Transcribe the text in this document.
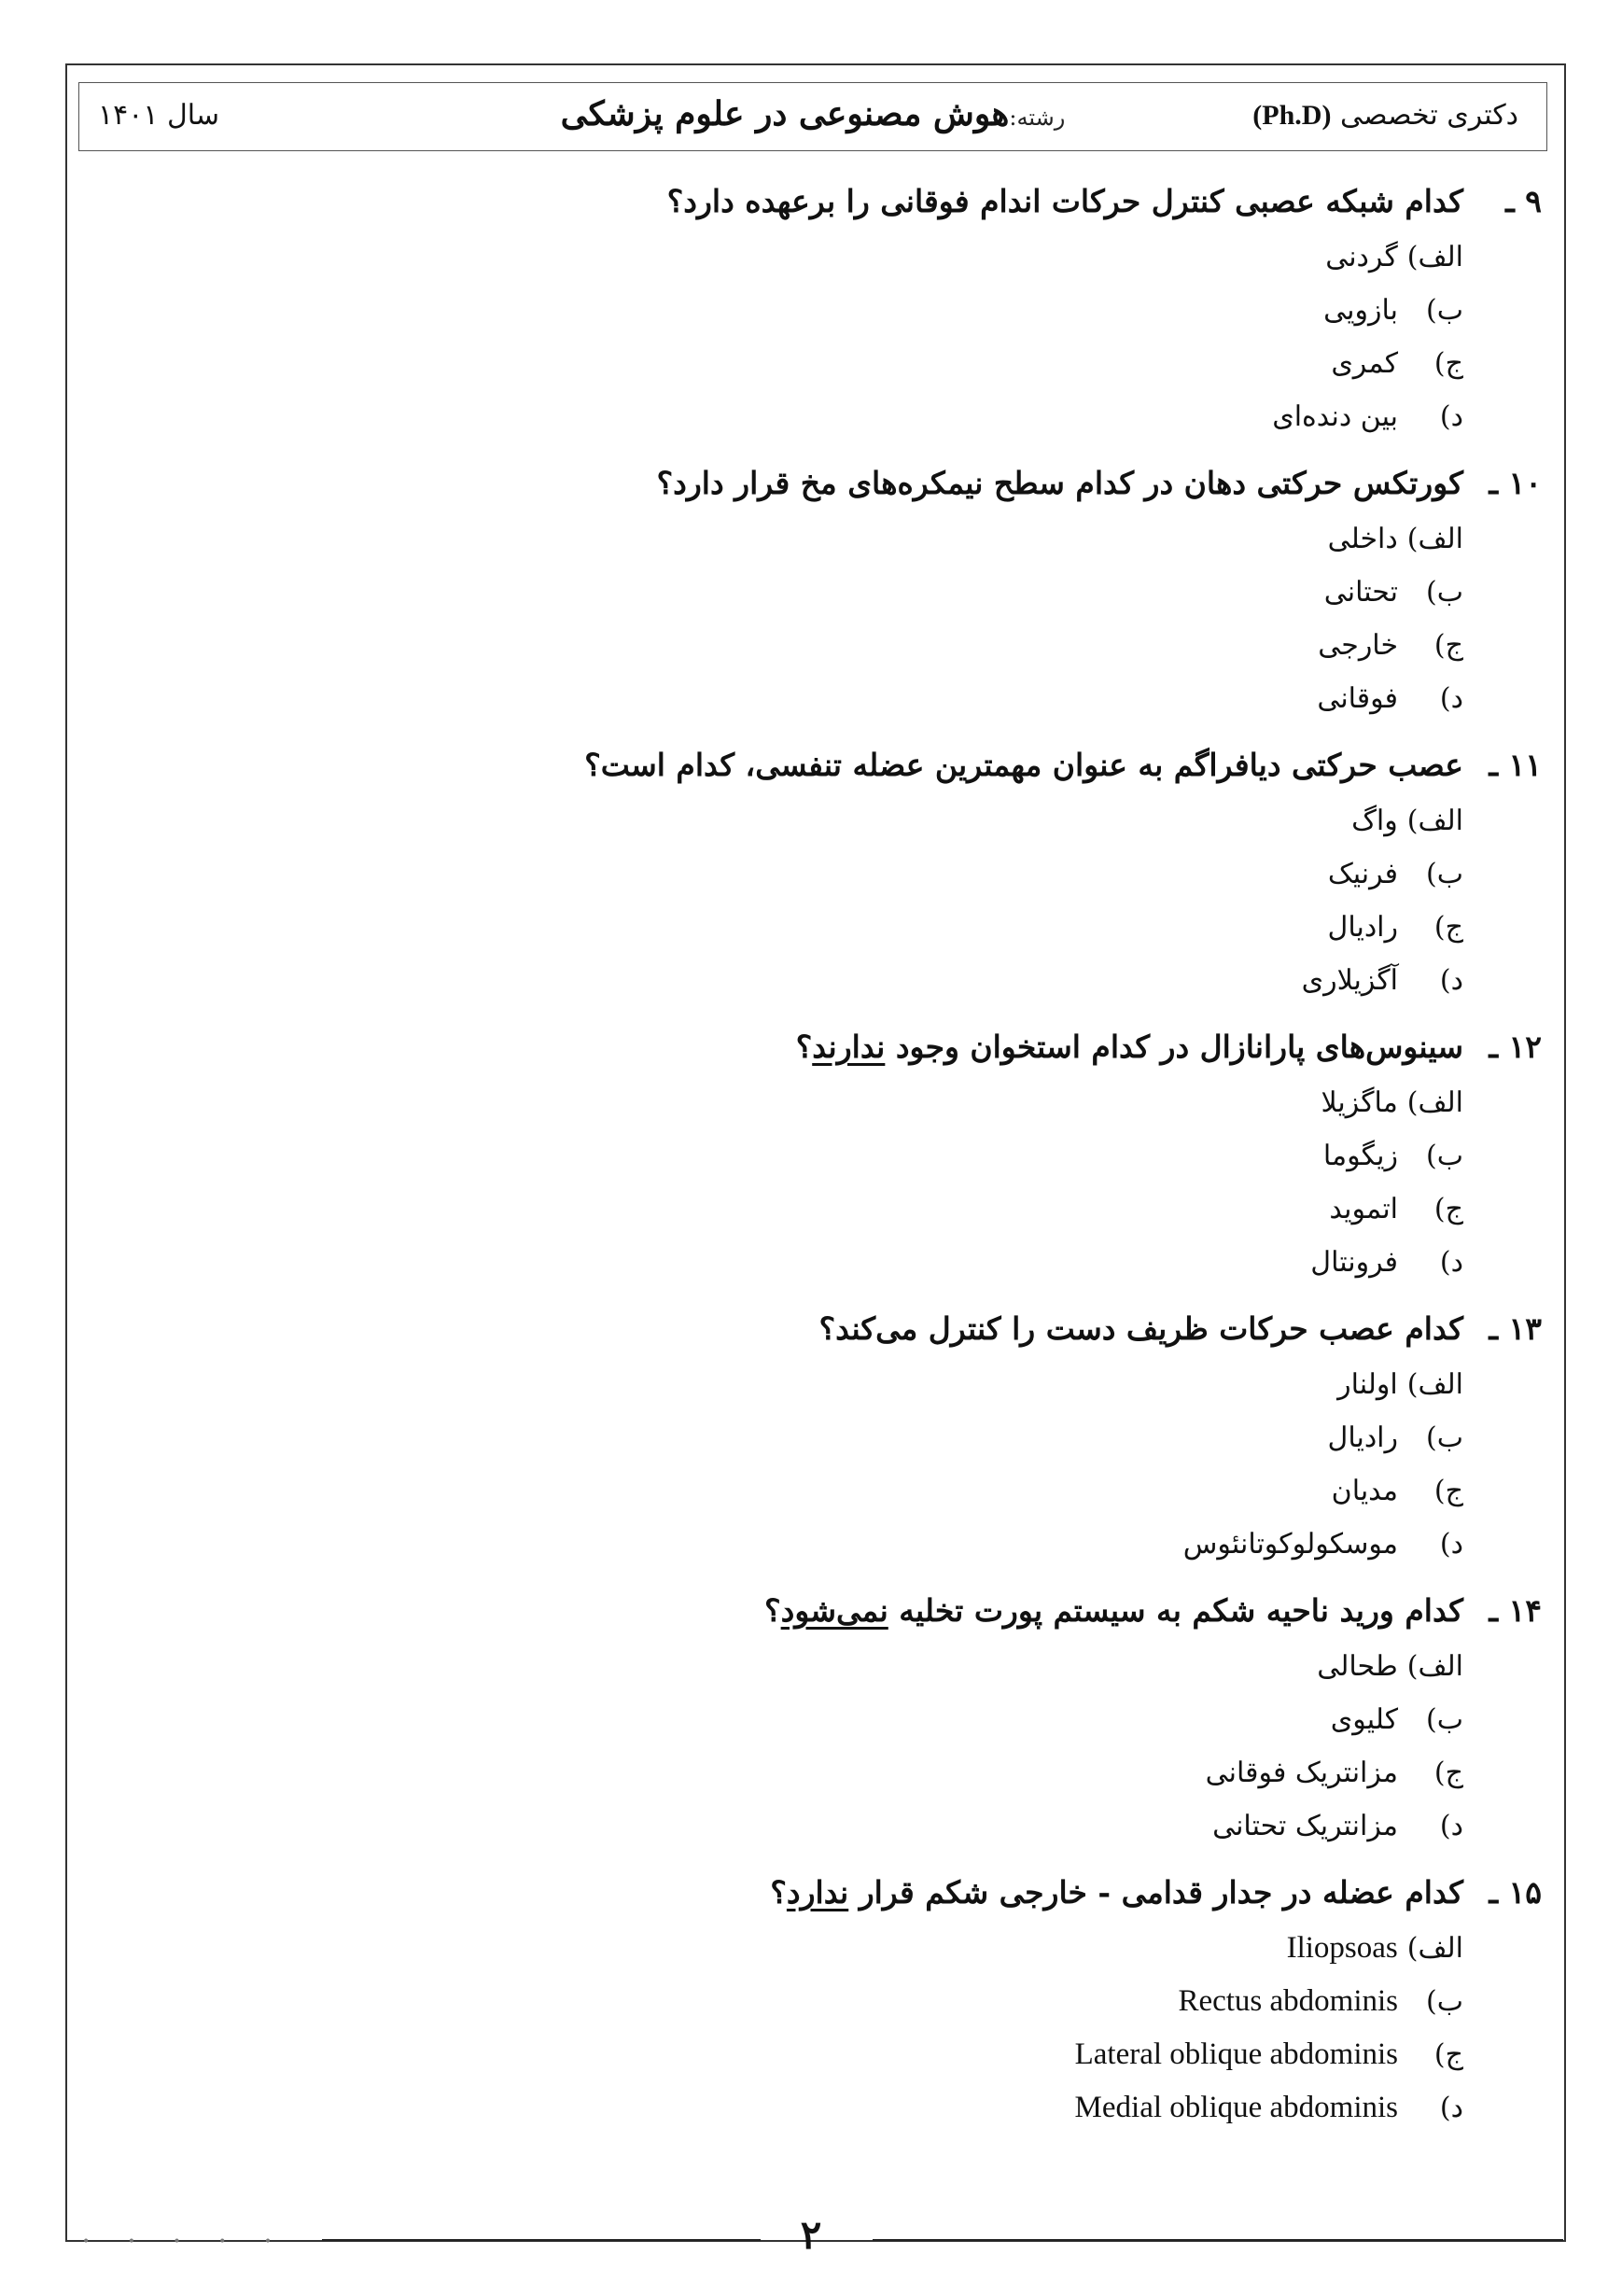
دکتری تخصصی (Ph.D)
رشته:هوش مصنوعی در علوم پزشکی
سال ۱۴۰۱
۹ ـ
کدام شبکه عصبی کنترل حرکات اندام فوقانی را برعهده دارد؟
الف)
گردنی
ب)
بازویی
ج)
کمری
د)
بین دنده‌ای
۱۰ ـ
کورتکس حرکتی دهان در کدام سطح نیمکره‌های مخ قرار دارد؟
الف)
داخلی
ب)
تحتانی
ج)
خارجی
د)
فوقانی
۱۱ ـ
عصب حرکتی دیافراگم به عنوان مهمترین عضله تنفسی، کدام است؟
الف)
واگ
ب)
فرنیک
ج)
رادیال
د)
آگزیلاری
۱۲ ـ
سینوس‌های پارانازال در کدام استخوان وجود ندارند؟
الف)
ماگزیلا
ب)
زیگوما
ج)
اتموید
د)
فرونتال
۱۳ ـ
کدام عصب حرکات ظریف دست را کنترل می‌کند؟
الف)
اولنار
ب)
رادیال
ج)
مدیان
د)
موسکولوکوتانئوس
۱۴ ـ
کدام ورید ناحیه شکم به سیستم پورت تخلیه نمی‌شود؟
الف)
طحالی
ب)
کلیوی
ج)
مزانتریک فوقانی
د)
مزانتریک تحتانی
۱۵ ـ
کدام عضله در جدار قدامی - خارجی شکم قرار ندارد؟
الف)
Iliopsoas
ب)
Rectus abdominis
ج)
Lateral oblique abdominis
د)
Medial oblique abdominis
• • • • •	۲
